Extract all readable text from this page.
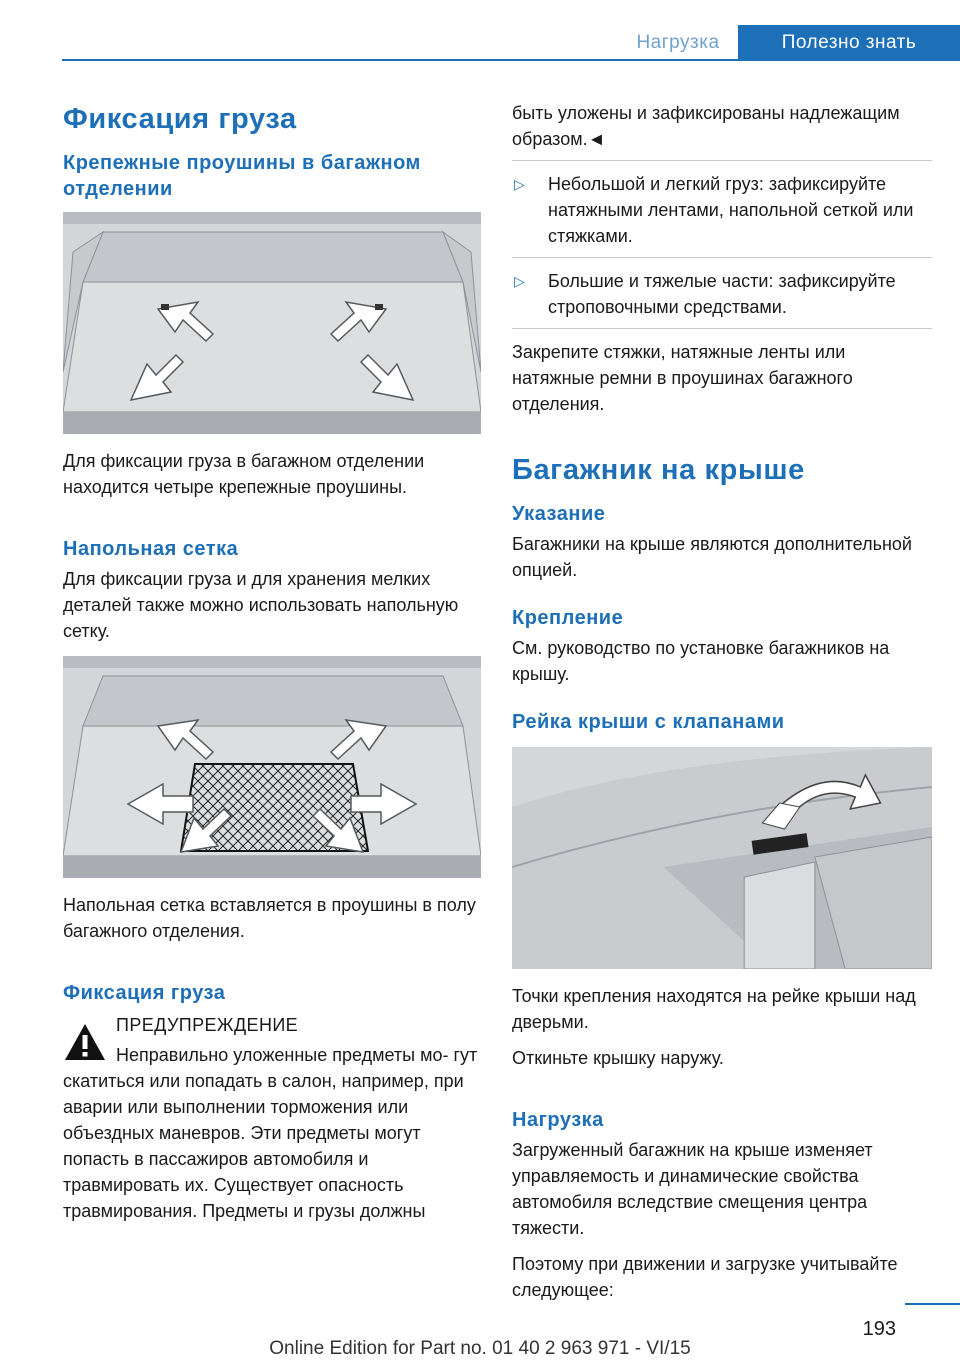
Нагрузка	Полезно знать
Фиксация груза
Крепежные проушины в багажном отделении
Для фиксации груза в багажном отделении находится четыре крепежные проушины.
Напольная сетка
Для фиксации груза и для хранения мелких деталей также можно использовать напольную сетку.
Напольная сетка вставляется в проушины в полу багажного отделения.
Фиксация груза
ПРЕДУПРЕЖДЕНИЕ
Неправильно уложенные предметы мо- гут скатиться или попадать в салон, например, при аварии или выполнении торможения или объездных маневров. Эти предметы могут попасть в пассажиров автомобиля и травмировать их. Существует опасность травмирования. Предметы и грузы должны
быть уложены и зафиксированы надлежащим образом.◄
▷ Небольшой и легкий груз: зафиксируйте натяжными лентами, напольной сеткой или стяжками.
▷ Большие и тяжелые части: зафиксируйте строповочными средствами.
Закрепите стяжки, натяжные ленты или натяжные ремни в проушинах багажного отделения.
Багажник на крыше
Указание
Багажники на крыше являются дополнительной опцией.
Крепление
См. руководство по установке багажников на крышу.
Рейка крыши с клапанами
Точки крепления находятся на рейке крыши над дверьми.
Откиньте крышку наружу.
Нагрузка
Загруженный багажник на крыше изменяет управляемость и динамические свойства автомобиля вследствие смещения центра тяжести.
Поэтому при движении и загрузке учитывайте следующее:
193
Online Edition for Part no. 01 40 2 963 971 - VI/15
